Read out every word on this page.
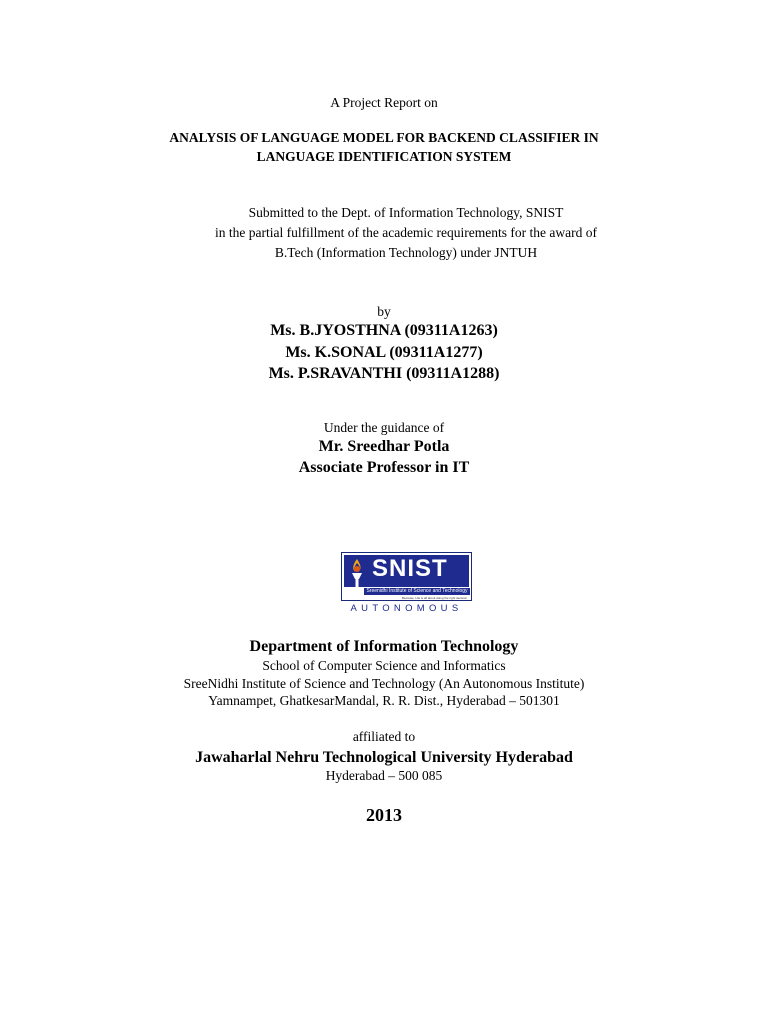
A Project Report on
ANALYSIS OF LANGUAGE MODEL FOR BACKEND CLASSIFIER IN
LANGUAGE IDENTIFICATION SYSTEM
Submitted to the Dept. of Information Technology, SNIST
in the partial fulfillment of the academic requirements for the award of
B.Tech (Information Technology) under JNTUH
by
Ms. B.JYOSTHNA (09311A1263)
Ms. K.SONAL (09311A1277)
Ms. P.SRAVANTHI (09311A1288)
Under the guidance of
Mr. Sreedhar Potla
Associate Professor in IT
SNIST
Sreenidhi Institute of Science and Technology
Because, Life is all about doing the right decision
AUTONOMOUS
Department of Information Technology
School of Computer Science and Informatics
SreeNidhi Institute of Science and Technology (An Autonomous Institute)
Yamnampet, GhatkesarMandal, R. R. Dist., Hyderabad – 501301
affiliated to
Jawaharlal Nehru Technological University Hyderabad
Hyderabad – 500 085
2013
